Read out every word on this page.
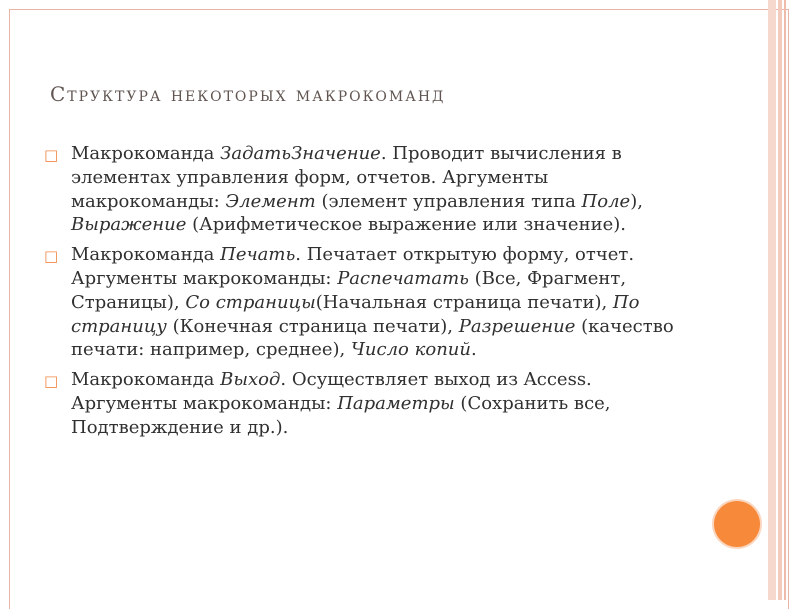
Структура некоторых макрокоманд
□ Макрокоманда ЗадатьЗначение. Проводит вычисления в элементах управления форм, отчетов. Аргументы макрокоманды: Элемент (элемент управления типа Поле), Выражение (Арифметическое выражение или значение).
□ Макрокоманда Печать. Печатает открытую форму, отчет. Аргументы макрокоманды: Распечатать (Все, Фрагмент, Страницы), Со страницы(Начальная страница печати), По страницу (Конечная страница печати), Разрешение (качество печати: например, среднее), Число копий.
□ Макрокоманда Выход. Осуществляет выход из Access. Аргументы макрокоманды: Параметры (Сохранить все, Подтверждение и др.).
